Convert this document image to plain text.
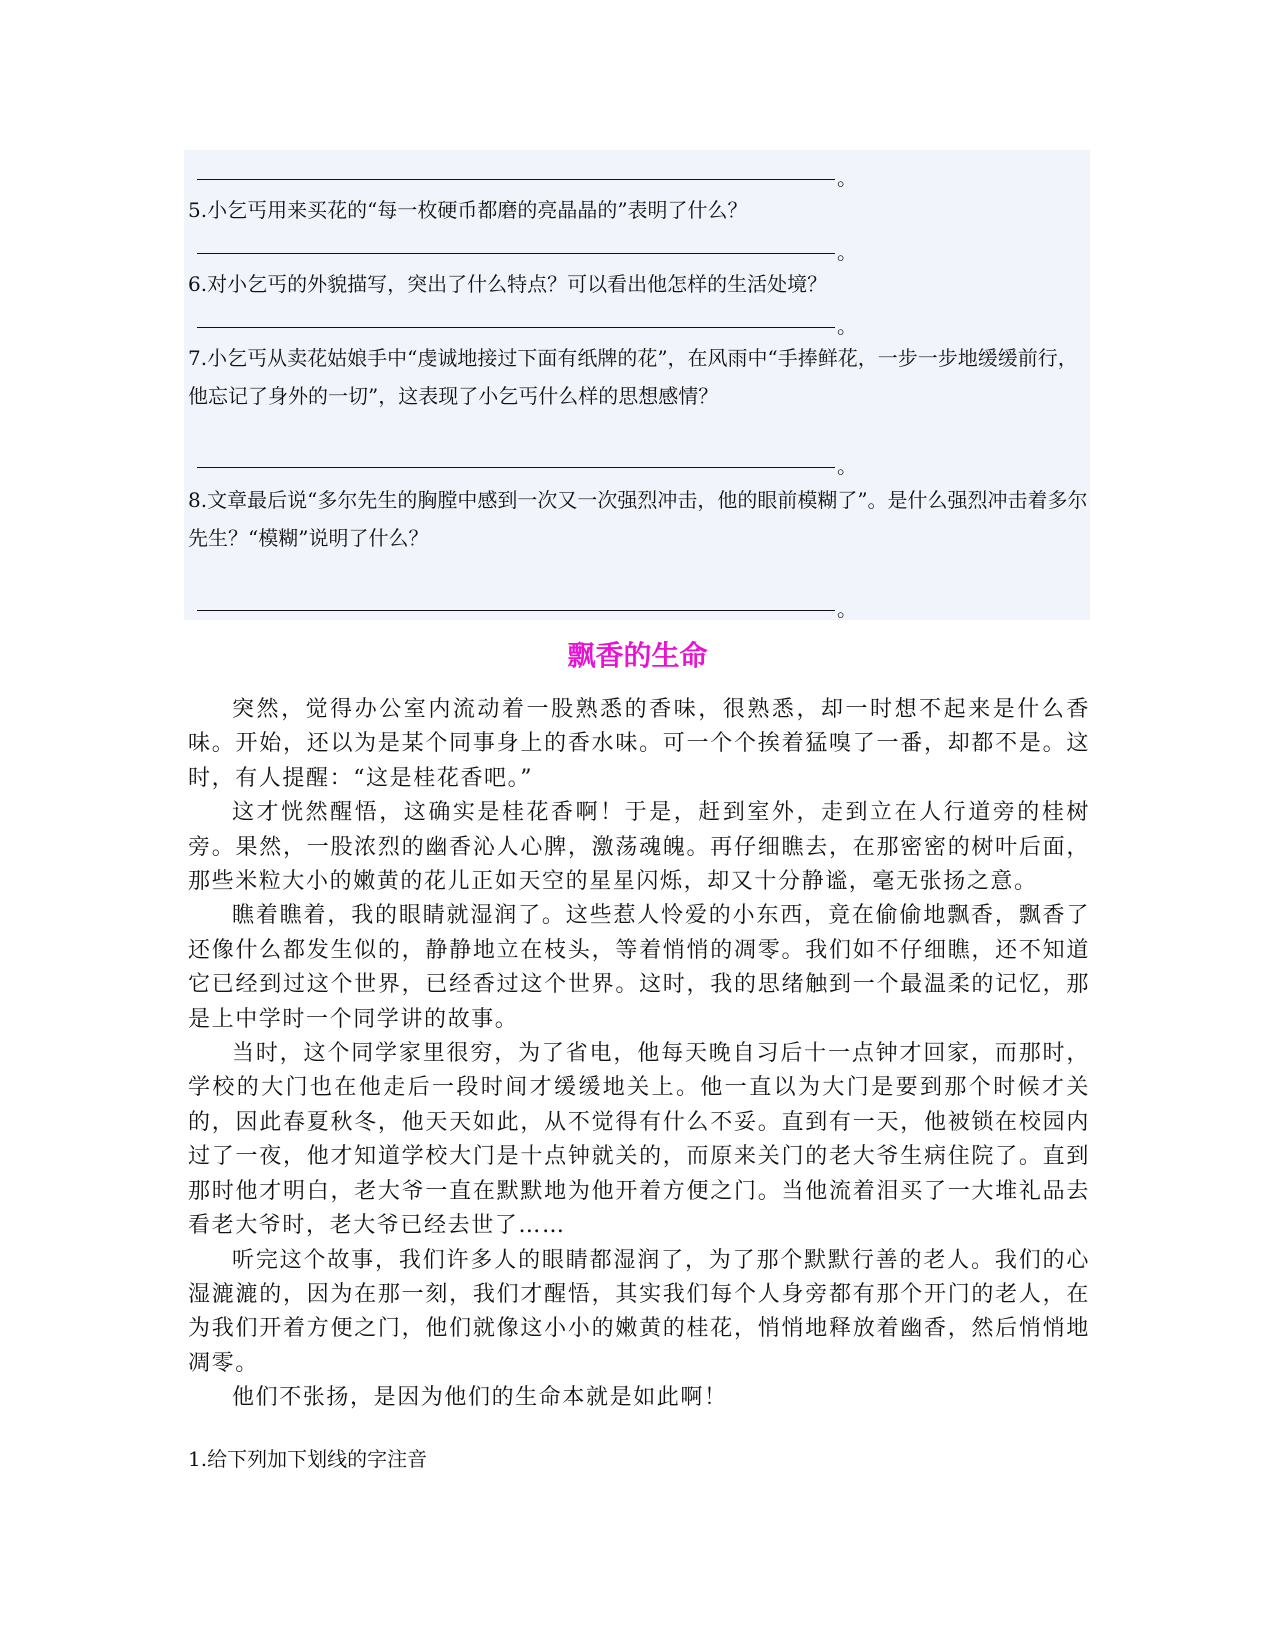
。
5.小乞丐用来买花的“每一枚硬币都磨的亮晶晶的”表明了什么？
。
6.对小乞丐的外貌描写，突出了什么特点？可以看出他怎样的生活处境？
。
7.小乞丐从卖花姑娘手中“虔诚地接过下面有纸牌的花”，在风雨中“手捧鲜花，一步一步地缓缓前行，他忘记了身外的一切”，这表现了小乞丐什么样的思想感情？
。
8.文章最后说“多尔先生的胸膛中感到一次又一次强烈冲击，他的眼前模糊了”。是什么强烈冲击着多尔先生？“模糊”说明了什么？
。
飘香的生命

突然，觉得办公室内流动着一股熟悉的香味，很熟悉，却一时想不起来是什么香味。开始，还以为是某个同事身上的香水味。可一个个挨着猛嗅了一番，却都不是。这时，有人提醒：“这是桂花香吧。”

这才恍然醒悟，这确实是桂花香啊！于是，赶到室外，走到立在人行道旁的桂树旁。果然，一股浓烈的幽香沁人心脾，激荡魂魄。再仔细瞧去，在那密密的树叶后面，那些米粒大小的嫩黄的花儿正如天空的星星闪烁，却又十分静谧，毫无张扬之意。

瞧着瞧着，我的眼睛就湿润了。这些惹人怜爱的小东西，竟在偷偷地飘香，飘香了还像什么都发生似的，静静地立在枝头，等着悄悄的凋零。我们如不仔细瞧，还不知道它已经到过这个世界，已经香过这个世界。这时，我的思绪触到一个最温柔的记忆，那是上中学时一个同学讲的故事。

当时，这个同学家里很穷，为了省电，他每天晚自习后十一点钟才回家，而那时，学校的大门也在他走后一段时间才缓缓地关上。他一直以为大门是要到那个时候才关的，因此春夏秋冬，他天天如此，从不觉得有什么不妥。直到有一天，他被锁在校园内过了一夜，他才知道学校大门是十点钟就关的，而原来关门的老大爷生病住院了。直到那时他才明白，老大爷一直在默默地为他开着方便之门。当他流着泪买了一大堆礼品去看老大爷时，老大爷已经去世了……

听完这个故事，我们许多人的眼睛都湿润了，为了那个默默行善的老人。我们的心湿漉漉的，因为在那一刻，我们才醒悟，其实我们每个人身旁都有那个开门的老人，在为我们开着方便之门，他们就像这小小的嫩黄的桂花，悄悄地释放着幽香，然后悄悄地凋零。

他们不张扬，是因为他们的生命本就是如此啊！

1.给下列加下划线的字注音
